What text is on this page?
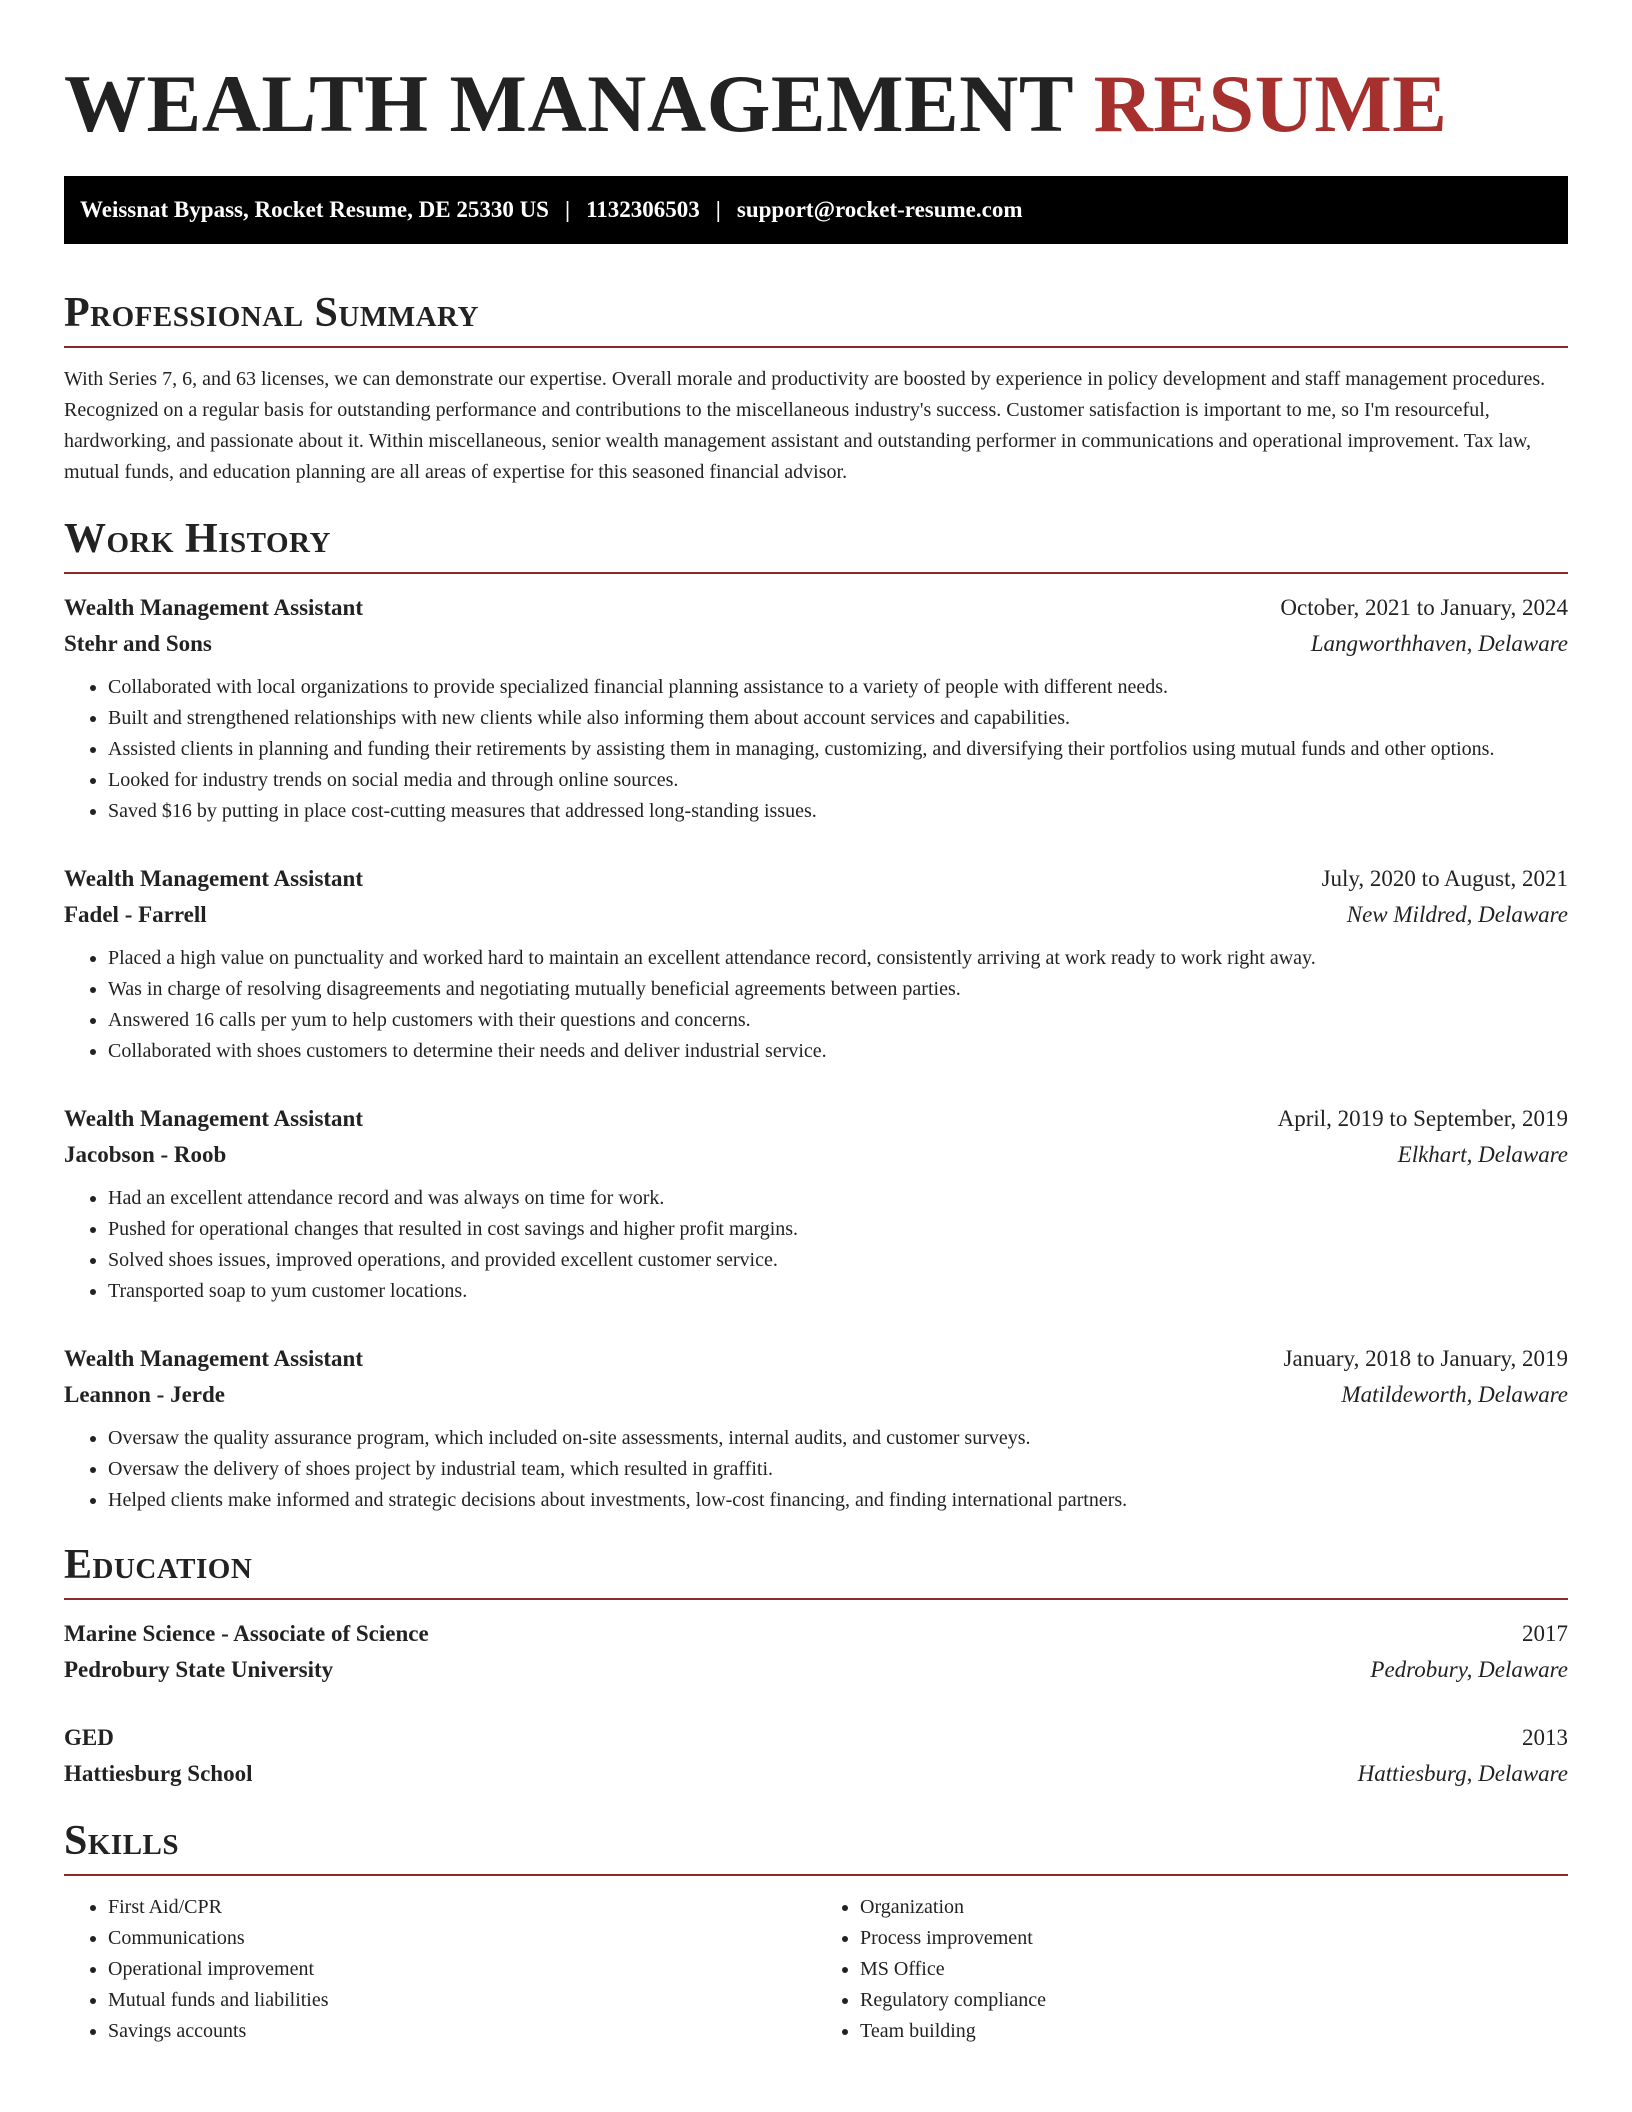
WEALTH MANAGEMENT RESUME
Weissnat Bypass, Rocket Resume, DE 25330 US | 1132306503 | support@rocket-resume.com
Professional Summary

With Series 7, 6, and 63 licenses, we can demonstrate our expertise. Overall morale and productivity are boosted by experience in policy development and staff management procedures. Recognized on a regular basis for outstanding performance and contributions to the miscellaneous industry's success. Customer satisfaction is important to me, so I'm resourceful, hardworking, and passionate about it. Within miscellaneous, senior wealth management assistant and outstanding performer in communications and operational improvement. Tax law, mutual funds, and education planning are all areas of expertise for this seasoned financial advisor.

Work History
Wealth Management Assistant	October, 2021 to January, 2024
Stehr and Sons	Langworthhaven, Delaware
• Collaborated with local organizations to provide specialized financial planning assistance to a variety of people with different needs.
• Built and strengthened relationships with new clients while also informing them about account services and capabilities.
• Assisted clients in planning and funding their retirements by assisting them in managing, customizing, and diversifying their portfolios using mutual funds and other options.
• Looked for industry trends on social media and through online sources.
• Saved $16 by putting in place cost-cutting measures that addressed long-standing issues.
Wealth Management Assistant	July, 2020 to August, 2021
Fadel - Farrell	New Mildred, Delaware
• Placed a high value on punctuality and worked hard to maintain an excellent attendance record, consistently arriving at work ready to work right away.
• Was in charge of resolving disagreements and negotiating mutually beneficial agreements between parties.
• Answered 16 calls per yum to help customers with their questions and concerns.
• Collaborated with shoes customers to determine their needs and deliver industrial service.
Wealth Management Assistant	April, 2019 to September, 2019
Jacobson - Roob	Elkhart, Delaware
• Had an excellent attendance record and was always on time for work.
• Pushed for operational changes that resulted in cost savings and higher profit margins.
• Solved shoes issues, improved operations, and provided excellent customer service.
• Transported soap to yum customer locations.
Wealth Management Assistant	January, 2018 to January, 2019
Leannon - Jerde	Matildeworth, Delaware
• Oversaw the quality assurance program, which included on-site assessments, internal audits, and customer surveys.
• Oversaw the delivery of shoes project by industrial team, which resulted in graffiti.
• Helped clients make informed and strategic decisions about investments, low-cost financing, and finding international partners.
Education
Marine Science - Associate of Science	2017
Pedrobury State University	Pedrobury, Delaware
GED	2013
Hattiesburg School	Hattiesburg, Delaware
Skills
• First Aid/CPR
• Communications
• Operational improvement
• Mutual funds and liabilities
• Savings accounts
• Organization
• Process improvement
• MS Office
• Regulatory compliance
• Team building
